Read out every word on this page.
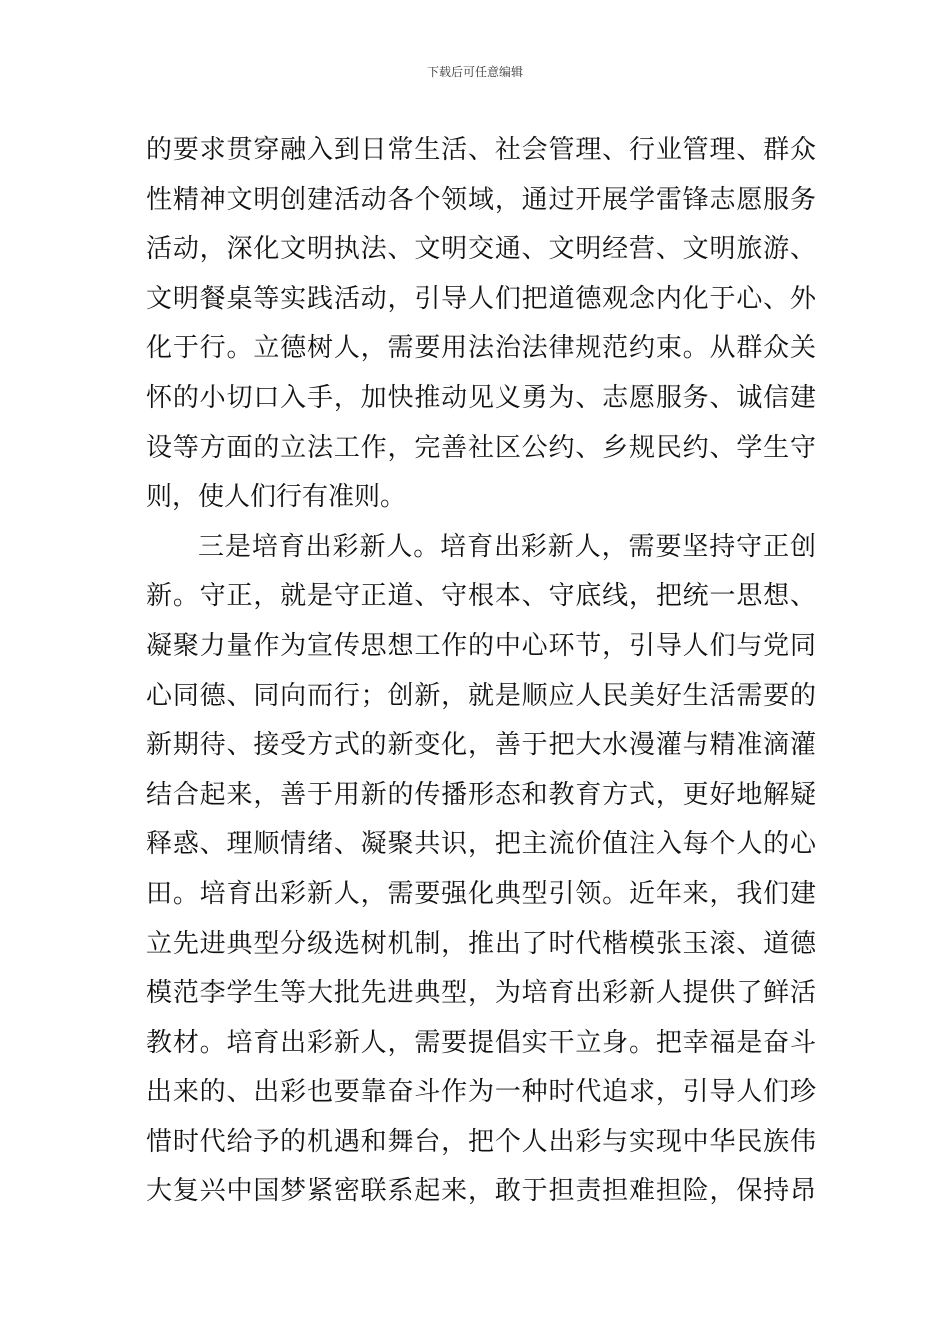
下载后可任意编辑
的要求贯穿融入到日常生活、社会管理、行业管理、群众
性精神文明创建活动各个领域，通过开展学雷锋志愿服务
活动，深化文明执法、文明交通、文明经营、文明旅游、
文明餐桌等实践活动，引导人们把道德观念内化于心、外
化于行。立德树人，需要用法治法律规范约束。从群众关
怀的小切口入手，加快推动见义勇为、志愿服务、诚信建
设等方面的立法工作，完善社区公约、乡规民约、学生守
则，使人们行有准则。
三是培育出彩新人。培育出彩新人，需要坚持守正创
新。守正，就是守正道、守根本、守底线，把统一思想、
凝聚力量作为宣传思想工作的中心环节，引导人们与党同
心同德、同向而行；创新，就是顺应人民美好生活需要的
新期待、接受方式的新变化，善于把大水漫灌与精准滴灌
结合起来，善于用新的传播形态和教育方式，更好地解疑
释惑、理顺情绪、凝聚共识，把主流价值注入每个人的心
田。培育出彩新人，需要强化典型引领。近年来，我们建
立先进典型分级选树机制，推出了时代楷模张玉滚、道德
模范李学生等大批先进典型，为培育出彩新人提供了鲜活
教材。培育出彩新人，需要提倡实干立身。把幸福是奋斗
出来的、出彩也要靠奋斗作为一种时代追求，引导人们珍
惜时代给予的机遇和舞台，把个人出彩与实现中华民族伟
大复兴中国梦紧密联系起来，敢于担责担难担险，保持昂
